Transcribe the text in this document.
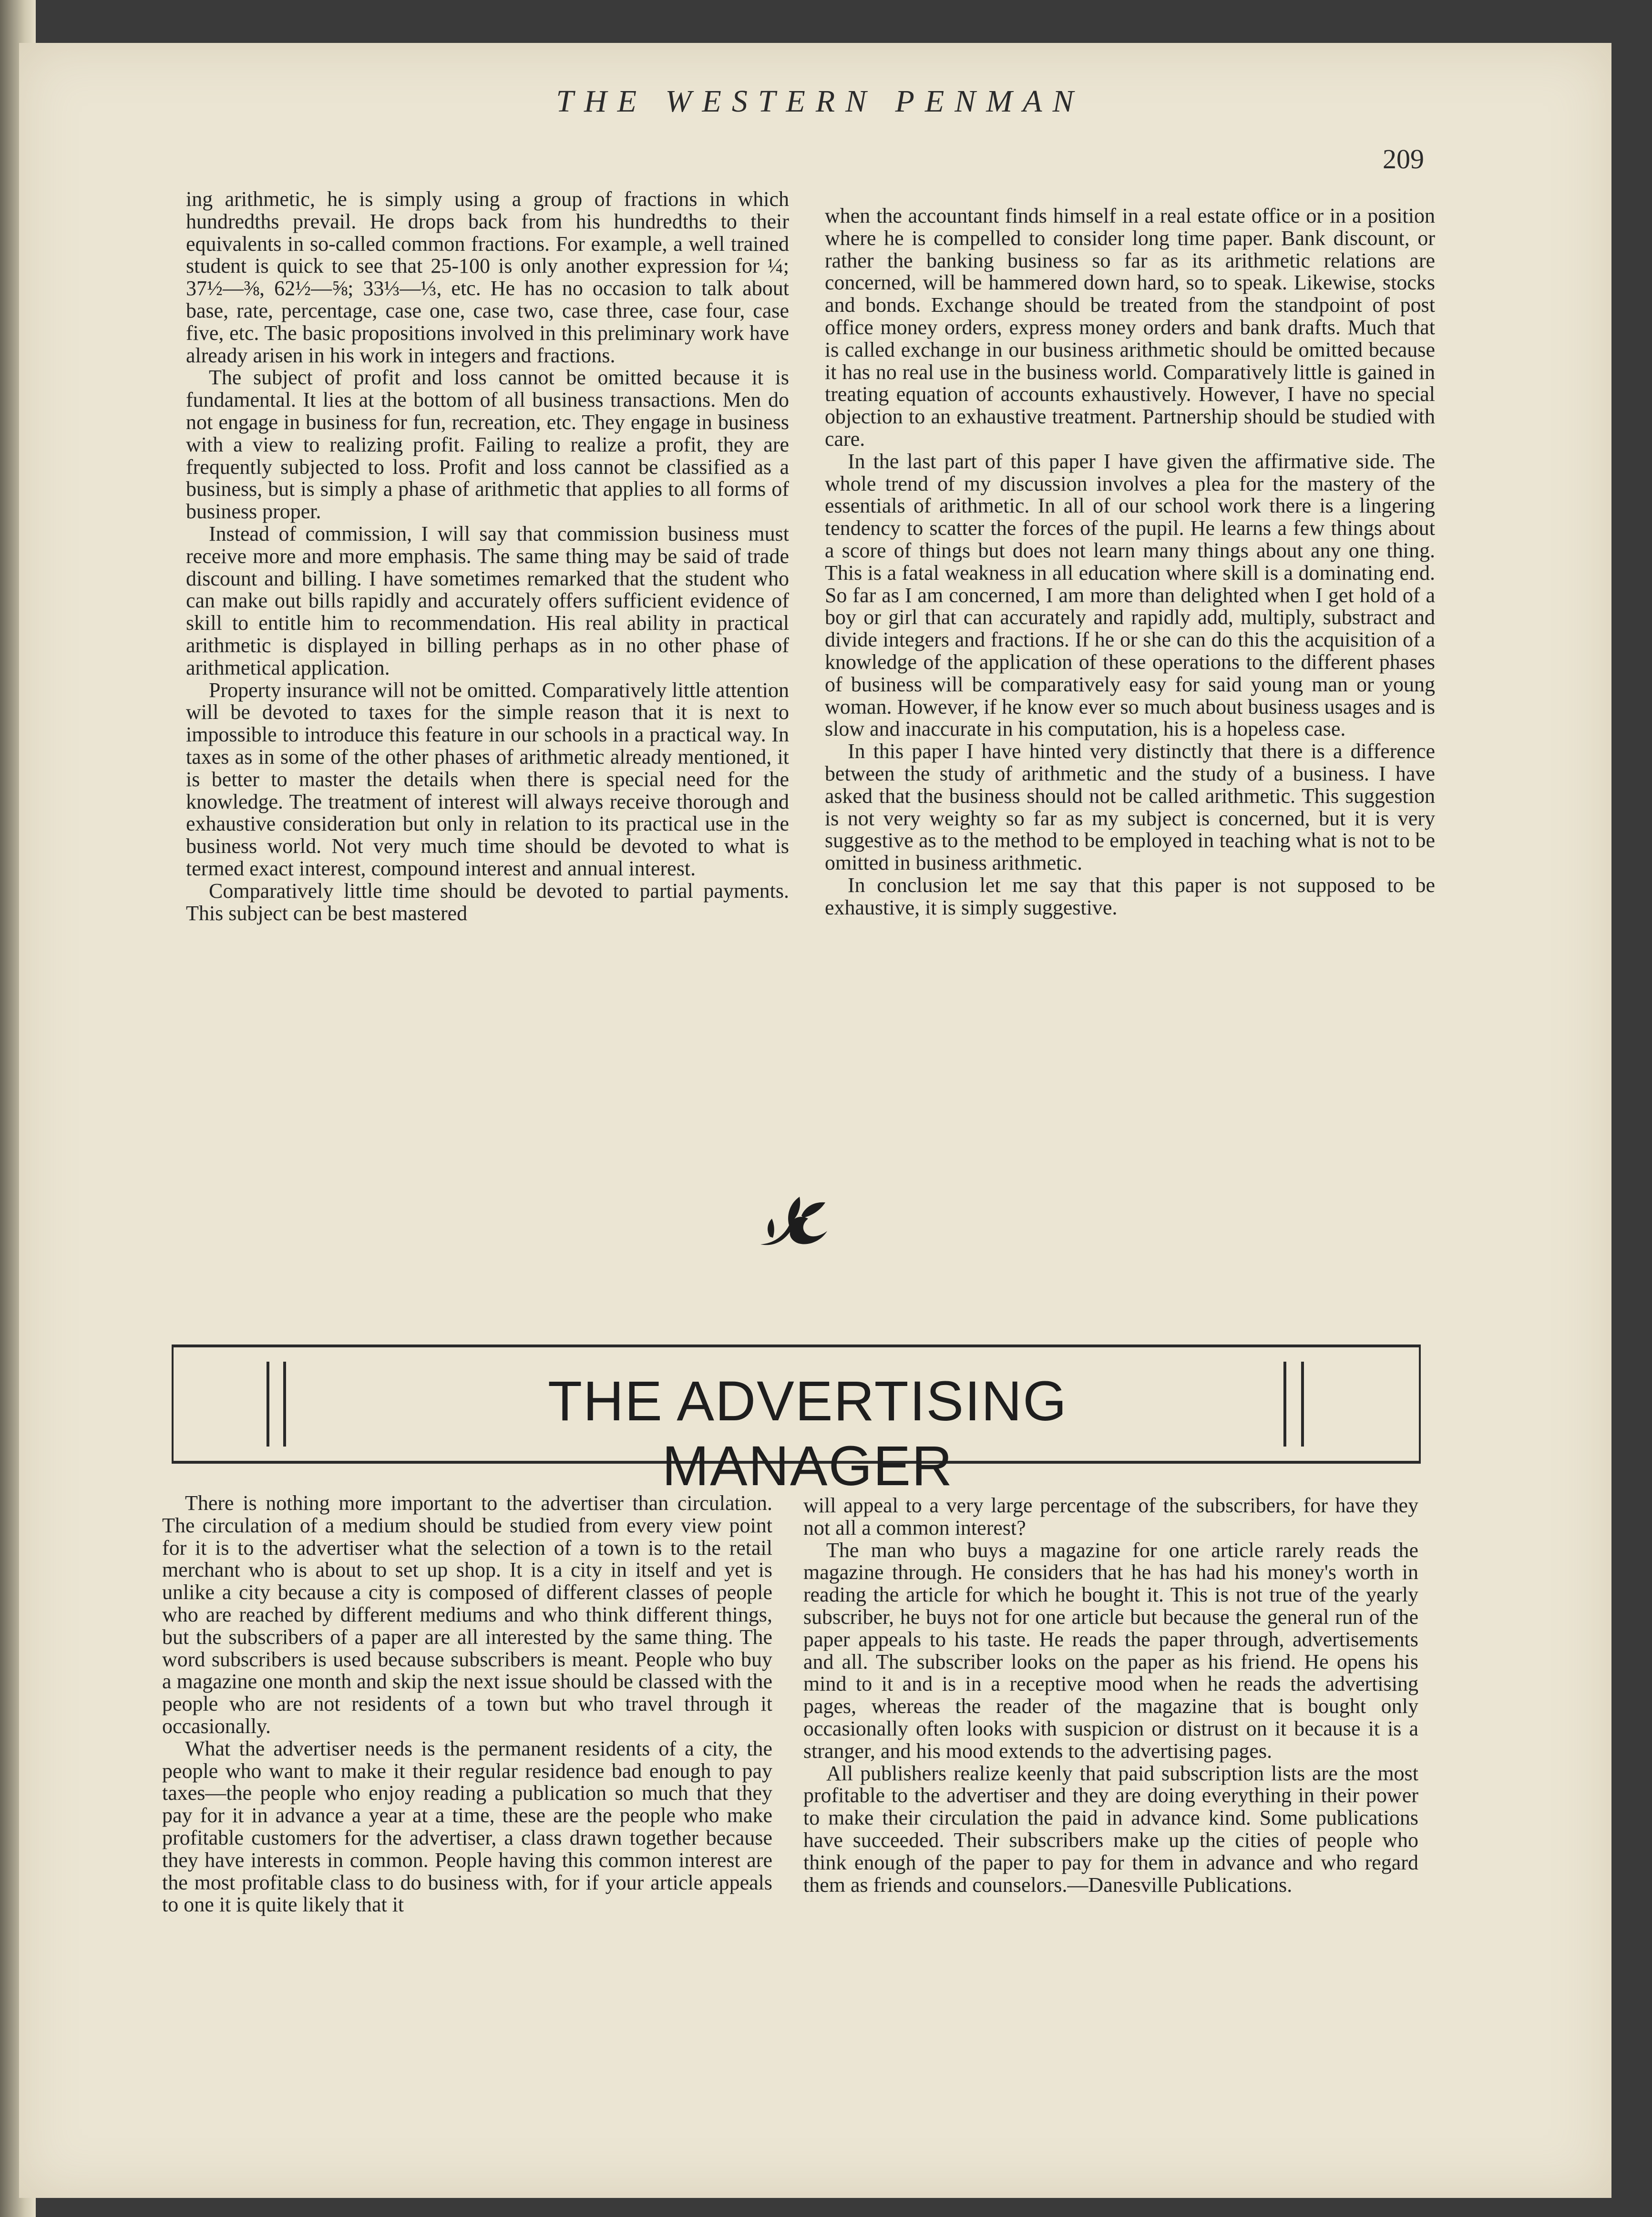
THE WESTERN PENMAN
209

ing arithmetic, he is simply using a group of fractions in which hundredths prevail. He drops back from his hundredths to their equivalents in so-called common fractions. For example, a well trained student is quick to see that 25-100 is only another expression for ¼; 37½—⅜, 62½—⅝; 33⅓—⅓, etc. He has no occasion to talk about base, rate, percentage, case one, case two, case three, case four, case five, etc. The basic propositions involved in this preliminary work have already arisen in his work in integers and fractions.

The subject of profit and loss cannot be omitted because it is fundamental. It lies at the bottom of all business transactions. Men do not engage in business for fun, recreation, etc. They engage in business with a view to realizing profit. Failing to realize a profit, they are frequently subjected to loss. Profit and loss cannot be classified as a business, but is simply a phase of arithmetic that applies to all forms of business proper.

Instead of commission, I will say that commission business must receive more and more emphasis. The same thing may be said of trade discount and billing. I have sometimes remarked that the student who can make out bills rapidly and accurately offers sufficient evidence of skill to entitle him to recommendation. His real ability in practical arithmetic is displayed in billing perhaps as in no other phase of arithmetical application.

Property insurance will not be omitted. Comparatively little attention will be devoted to taxes for the simple reason that it is next to impossible to introduce this feature in our schools in a practical way. In taxes as in some of the other phases of arithmetic already mentioned, it is better to master the details when there is special need for the knowledge. The treatment of interest will always receive thorough and exhaustive consideration but only in relation to its practical use in the business world. Not very much time should be devoted to what is termed exact interest, compound interest and annual interest.

Comparatively little time should be devoted to partial payments. This subject can be best mastered

when the accountant finds himself in a real estate office or in a position where he is compelled to consider long time paper. Bank discount, or rather the banking business so far as its arithmetic relations are concerned, will be hammered down hard, so to speak. Likewise, stocks and bonds. Exchange should be treated from the standpoint of post office money orders, express money orders and bank drafts. Much that is called exchange in our business arithmetic should be omitted because it has no real use in the business world. Comparatively little is gained in treating equation of accounts exhaustively. However, I have no special objection to an exhaustive treatment. Partnership should be studied with care.

In the last part of this paper I have given the affirmative side. The whole trend of my discussion involves a plea for the mastery of the essentials of arithmetic. In all of our school work there is a lingering tendency to scatter the forces of the pupil. He learns a few things about a score of things but does not learn many things about any one thing. This is a fatal weakness in all education where skill is a dominating end. So far as I am concerned, I am more than delighted when I get hold of a boy or girl that can accurately and rapidly add, multiply, substract and divide integers and fractions. If he or she can do this the acquisition of a knowledge of the application of these operations to the different phases of business will be comparatively easy for said young man or young woman. However, if he know ever so much about business usages and is slow and inaccurate in his computation, his is a hopeless case.

In this paper I have hinted very distinctly that there is a difference between the study of arithmetic and the study of a business. I have asked that the business should not be called arithmetic. This suggestion is not very weighty so far as my subject is concerned, but it is very suggestive as to the method to be employed in teaching what is not to be omitted in business arithmetic.

In conclusion let me say that this paper is not supposed to be exhaustive, it is simply suggestive.

THE ADVERTISING MANAGER

There is nothing more important to the advertiser than circulation. The circulation of a medium should be studied from every view point for it is to the advertiser what the selection of a town is to the retail merchant who is about to set up shop. It is a city in itself and yet is unlike a city because a city is composed of different classes of people who are reached by different mediums and who think different things, but the subscribers of a paper are all interested by the same thing. The word subscribers is used because subscribers is meant. People who buy a magazine one month and skip the next issue should be classed with the people who are not residents of a town but who travel through it occasionally.

What the advertiser needs is the permanent residents of a city, the people who want to make it their regular residence bad enough to pay taxes—the people who enjoy reading a publication so much that they pay for it in advance a year at a time, these are the people who make profitable customers for the advertiser, a class drawn together because they have interests in common. People having this common interest are the most profitable class to do business with, for if your article appeals to one it is quite likely that it

will appeal to a very large percentage of the subscribers, for have they not all a common interest?

The man who buys a magazine for one article rarely reads the magazine through. He considers that he has had his money's worth in reading the article for which he bought it. This is not true of the yearly subscriber, he buys not for one article but because the general run of the paper appeals to his taste. He reads the paper through, advertisements and all. The subscriber looks on the paper as his friend. He opens his mind to it and is in a receptive mood when he reads the advertising pages, whereas the reader of the magazine that is bought only occasionally often looks with suspicion or distrust on it because it is a stranger, and his mood extends to the advertising pages.

All publishers realize keenly that paid subscription lists are the most profitable to the advertiser and they are doing everything in their power to make their circulation the paid in advance kind. Some publications have succeeded. Their subscribers make up the cities of people who think enough of the paper to pay for them in advance and who regard them as friends and counselors.—Danesville Publications.
